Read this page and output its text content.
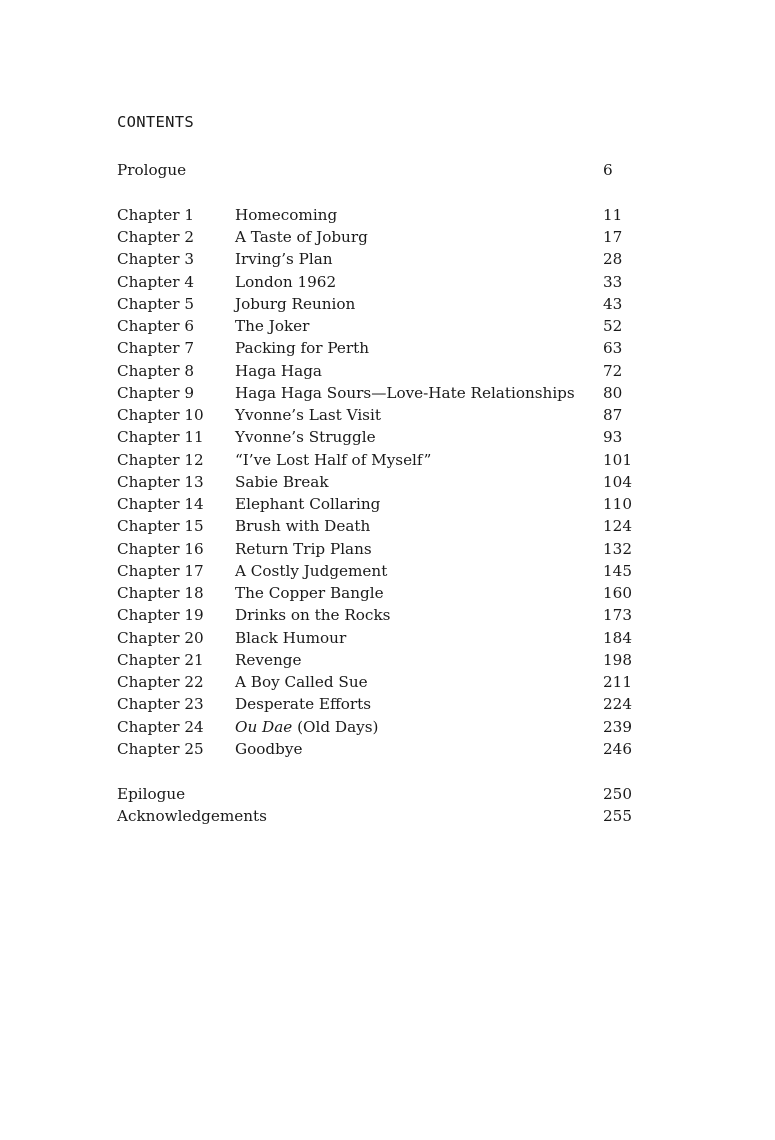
CONTENTS
Prologue	6
Chapter 1	Homecoming	11
Chapter 2	A Taste of Joburg	17
Chapter 3	Irving’s Plan	28
Chapter 4	London 1962	33
Chapter 5	Joburg Reunion	43
Chapter 6	The Joker	52
Chapter 7	Packing for Perth	63
Chapter 8	Haga Haga	72
Chapter 9	Haga Haga Sours—Love-Hate Relationships 80
Chapter 10 Yvonne’s Last Visit	87
Chapter 11 Yvonne’s Struggle	93
Chapter 12 “I’ve Lost Half of Myself”	101
Chapter 13 Sabie Break	104
Chapter 14 Elephant Collaring	110
Chapter 15 Brush with Death	124
Chapter 16 Return Trip Plans	132
Chapter 17 A Costly Judgement	145
Chapter 18 The Copper Bangle	160
Chapter 19 Drinks on the Rocks	173
Chapter 20 Black Humour	184
Chapter 21 Revenge	198
Chapter 22 A Boy Called Sue	211
Chapter 23 Desperate Efforts	224
Chapter 24 Ou Dae (Old Days)	239
Chapter 25 Goodbye	246
Epilogue	250
Acknowledgements	255
